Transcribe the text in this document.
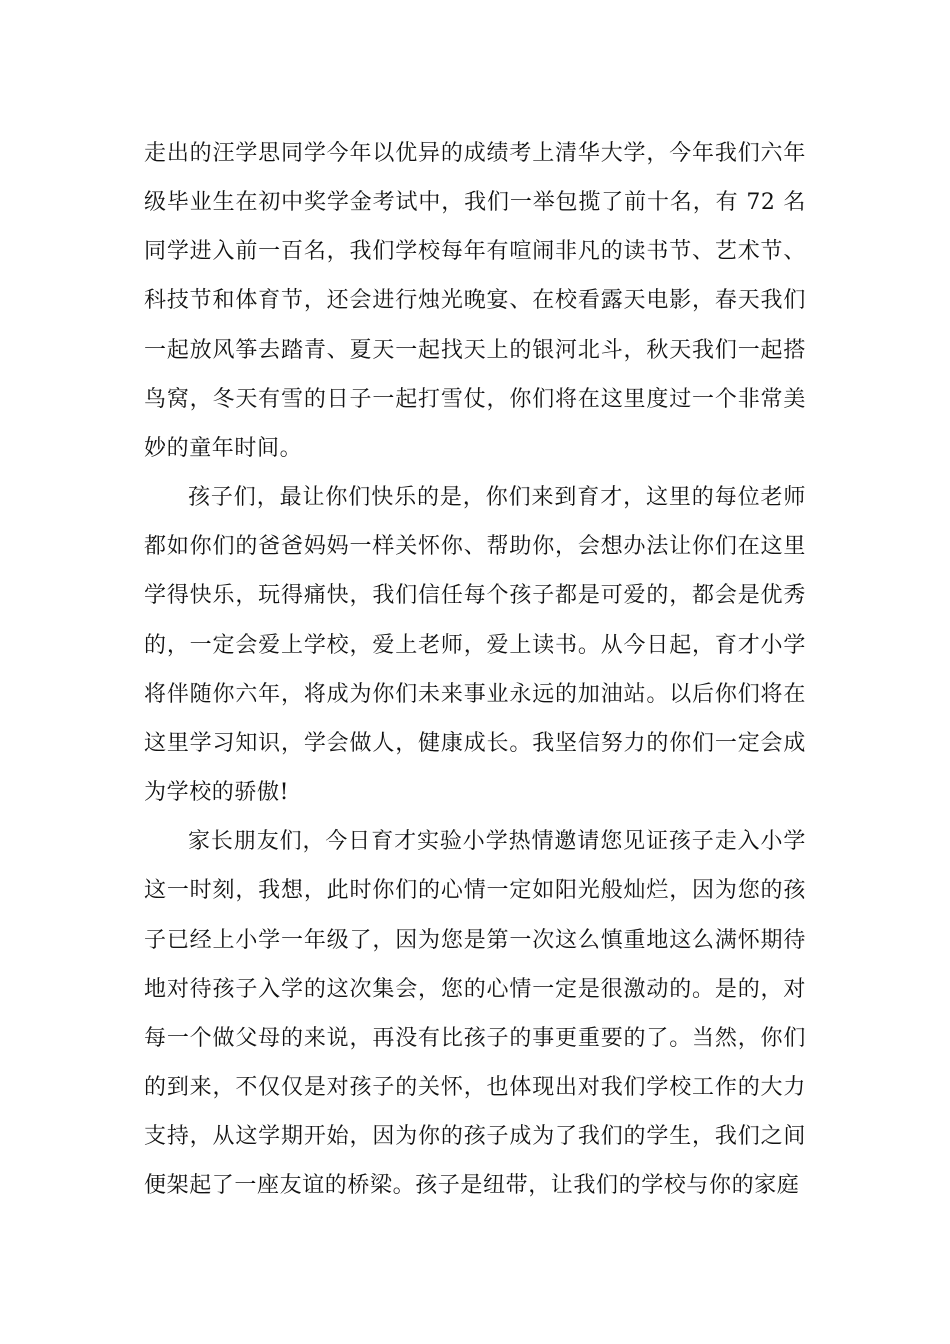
走出的汪学思同学今年以优异的成绩考上清华大学，今年我们六年级毕业生在初中奖学金考试中，我们一举包揽了前十名，有 72 名同学进入前一百名，我们学校每年有喧闹非凡的读书节、艺术节、科技节和体育节，还会进行烛光晚宴、在校看露天电影，春天我们一起放风筝去踏青、夏天一起找天上的银河北斗，秋天我们一起搭鸟窝，冬天有雪的日子一起打雪仗，你们将在这里度过一个非常美妙的童年时间。

孩子们，最让你们快乐的是，你们来到育才，这里的每位老师都如你们的爸爸妈妈一样关怀你、帮助你，会想办法让你们在这里学得快乐，玩得痛快，我们信任每个孩子都是可爱的，都会是优秀的，一定会爱上学校，爱上老师，爱上读书。从今日起，育才小学将伴随你六年，将成为你们未来事业永远的加油站。以后你们将在这里学习知识，学会做人，健康成长。我坚信努力的你们一定会成为学校的骄傲!

家长朋友们，今日育才实验小学热情邀请您见证孩子走入小学这一时刻，我想，此时你们的心情一定如阳光般灿烂，因为您的孩子已经上小学一年级了，因为您是第一次这么慎重地这么满怀期待地对待孩子入学的这次集会，您的心情一定是很激动的。是的，对每一个做父母的来说，再没有比孩子的事更重要的了。当然，你们的到来，不仅仅是对孩子的关怀，也体现出对我们学校工作的大力支持，从这学期开始，因为你的孩子成为了我们的学生，我们之间便架起了一座友谊的桥梁。孩子是纽带，让我们的学校与你的家庭
